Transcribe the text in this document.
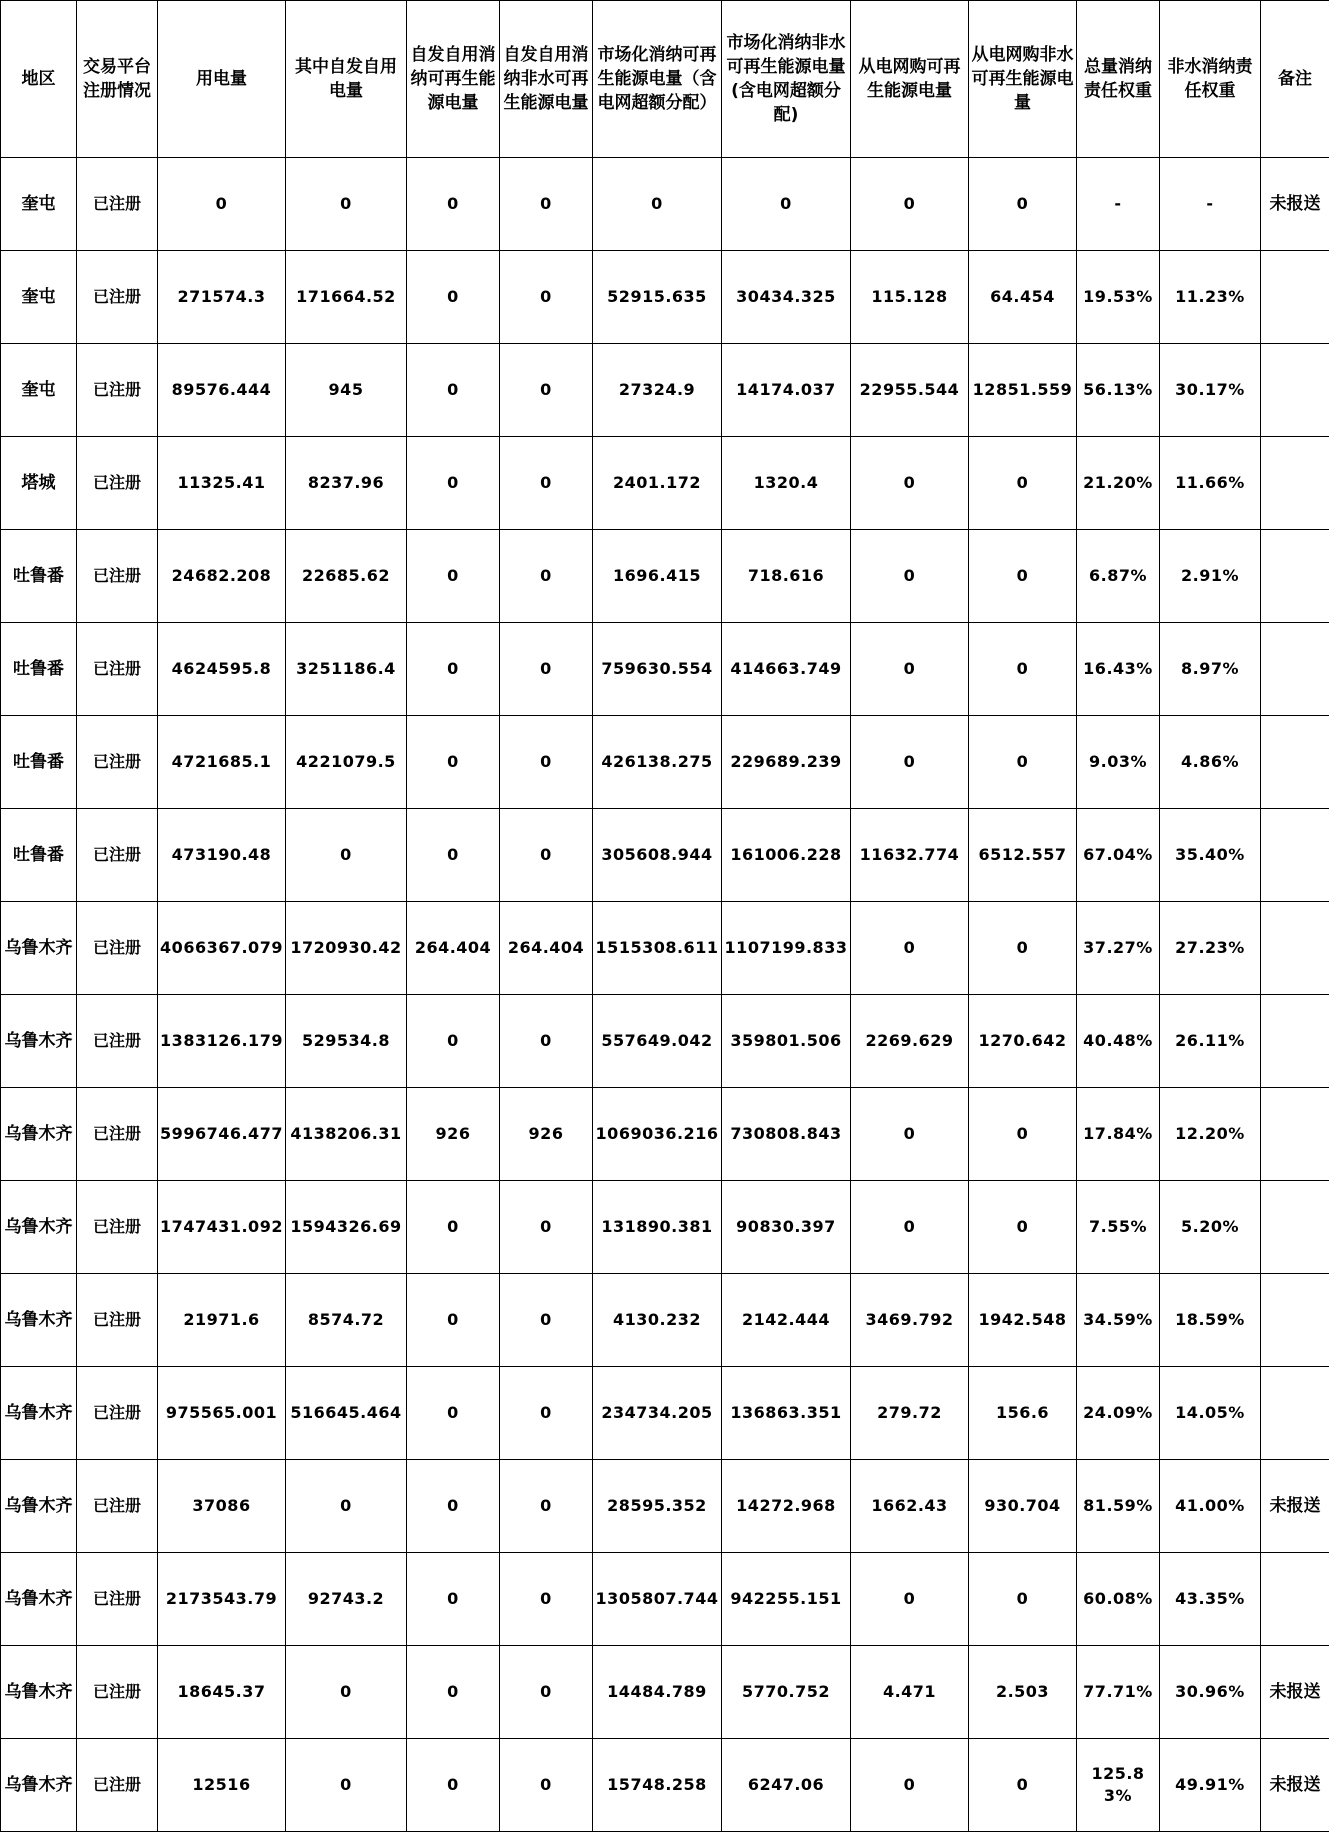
地区	交易平台注册情况	用电量	其中自发自用电量	自发自用消纳可再生能源电量	自发自用消纳非水可再生能源电量	市场化消纳可再生能源电量（含电网超额分配）	市场化消纳非水可再生能源电量(含电网超额分配)	从电网购可再生能源电量	从电网购非水可再生能源电量	总量消纳责任权重	非水消纳责任权重	备注
奎屯	已注册	0	0	0	0	0	0	0	0	-	-	未报送
奎屯	已注册	271574.3	171664.52	0	0	52915.635	30434.325	115.128	64.454	19.53%	11.23%	
奎屯	已注册	89576.444	945	0	0	27324.9	14174.037	22955.544	12851.559	56.13%	30.17%	
塔城	已注册	11325.41	8237.96	0	0	2401.172	1320.4	0	0	21.20%	11.66%	
吐鲁番	已注册	24682.208	22685.62	0	0	1696.415	718.616	0	0	6.87%	2.91%	
吐鲁番	已注册	4624595.8	3251186.4	0	0	759630.554	414663.749	0	0	16.43%	8.97%	
吐鲁番	已注册	4721685.1	4221079.5	0	0	426138.275	229689.239	0	0	9.03%	4.86%	
吐鲁番	已注册	473190.48	0	0	0	305608.944	161006.228	11632.774	6512.557	67.04%	35.40%	
乌鲁木齐	已注册	4066367.079	1720930.42	264.404	264.404	1515308.611	1107199.833	0	0	37.27%	27.23%	
乌鲁木齐	已注册	1383126.179	529534.8	0	0	557649.042	359801.506	2269.629	1270.642	40.48%	26.11%	
乌鲁木齐	已注册	5996746.477	4138206.31	926	926	1069036.216	730808.843	0	0	17.84%	12.20%	
乌鲁木齐	已注册	1747431.092	1594326.69	0	0	131890.381	90830.397	0	0	7.55%	5.20%	
乌鲁木齐	已注册	21971.6	8574.72	0	0	4130.232	2142.444	3469.792	1942.548	34.59%	18.59%	
乌鲁木齐	已注册	975565.001	516645.464	0	0	234734.205	136863.351	279.72	156.6	24.09%	14.05%	
乌鲁木齐	已注册	37086	0	0	0	28595.352	14272.968	1662.43	930.704	81.59%	41.00%	未报送
乌鲁木齐	已注册	2173543.79	92743.2	0	0	1305807.744	942255.151	0	0	60.08%	43.35%	
乌鲁木齐	已注册	18645.37	0	0	0	14484.789	5770.752	4.471	2.503	77.71%	30.96%	未报送
乌鲁木齐	已注册	12516	0	0	0	15748.258	6247.06	0	0	125.83%	49.91%	未报送
